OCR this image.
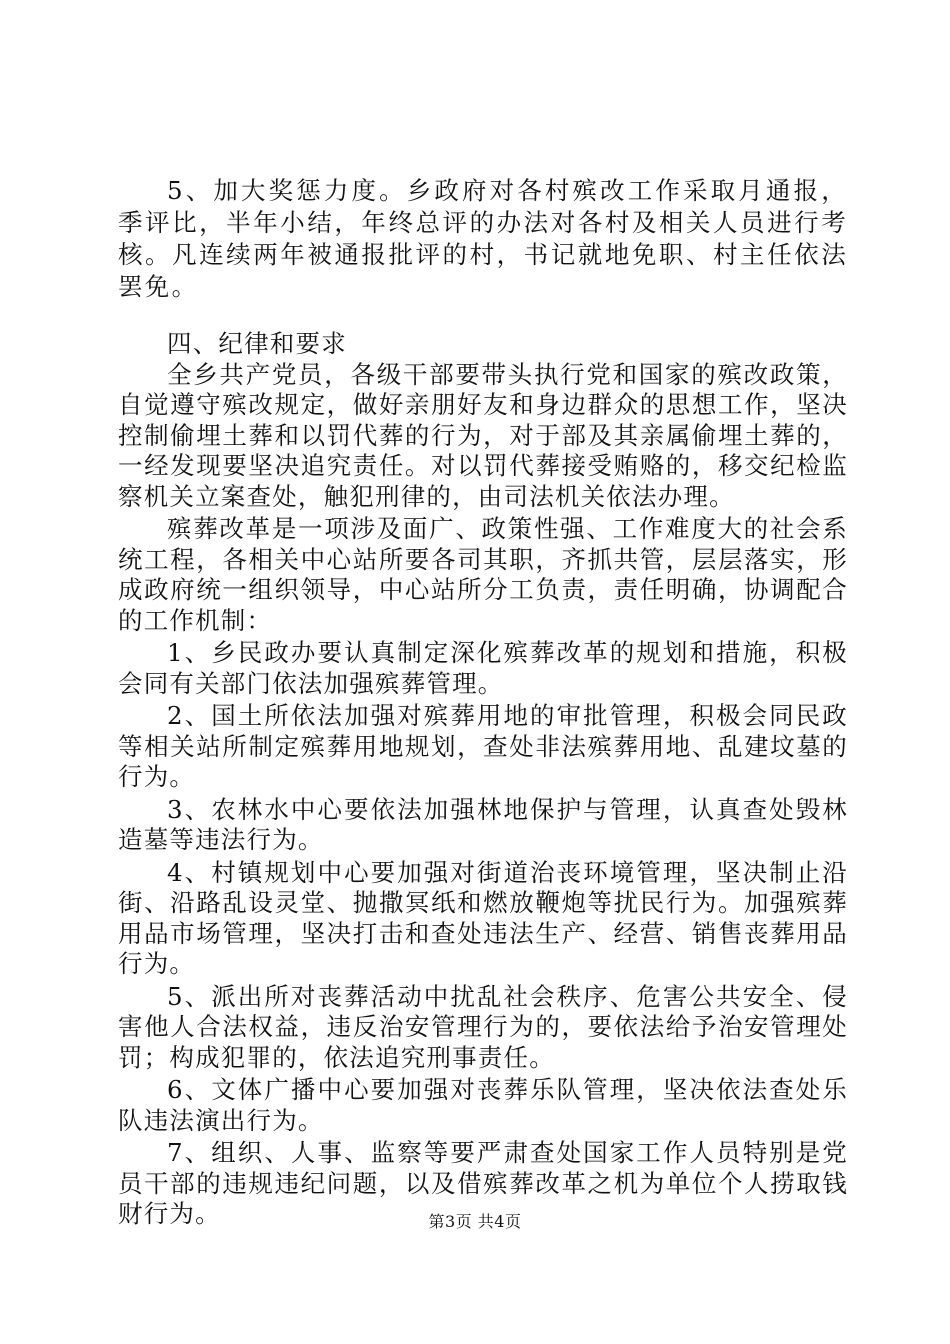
5、加大奖惩力度。乡政府对各村殡改工作采取月通报，季评比，半年小结，年终总评的办法对各村及相关人员进行考核。凡连续两年被通报批评的村，书记就地免职、村主任依法罢免。

四、纪律和要求

全乡共产党员，各级干部要带头执行党和国家的殡改政策，自觉遵守殡改规定，做好亲朋好友和身边群众的思想工作，坚决控制偷埋土葬和以罚代葬的行为，对于部及其亲属偷埋土葬的，一经发现要坚决追究责任。对以罚代葬接受贿赂的，移交纪检监察机关立案查处，触犯刑律的，由司法机关依法办理。

殡葬改革是一项涉及面广、政策性强、工作难度大的社会系统工程，各相关中心站所要各司其职，齐抓共管，层层落实，形成政府统一组织领导，中心站所分工负责，责任明确，协调配合的工作机制：

1、乡民政办要认真制定深化殡葬改革的规划和措施，积极会同有关部门依法加强殡葬管理。

2、国土所依法加强对殡葬用地的审批管理，积极会同民政等相关站所制定殡葬用地规划，查处非法殡葬用地、乱建坟墓的行为。

3、农林水中心要依法加强林地保护与管理，认真查处毁林造墓等违法行为。

4、村镇规划中心要加强对街道治丧环境管理，坚决制止沿街、沿路乱设灵堂、抛撒冥纸和燃放鞭炮等扰民行为。加强殡葬用品市场管理，坚决打击和查处违法生产、经营、销售丧葬用品行为。

5、派出所对丧葬活动中扰乱社会秩序、危害公共安全、侵害他人合法权益，违反治安管理行为的，要依法给予治安管理处罚；构成犯罪的，依法追究刑事责任。

6、文体广播中心要加强对丧葬乐队管理，坚决依法查处乐队违法演出行为。

7、组织、人事、监察等要严肃查处国家工作人员特别是党员干部的违规违纪问题，以及借殡葬改革之机为单位个人捞取钱财行为。	第3页 共4页
